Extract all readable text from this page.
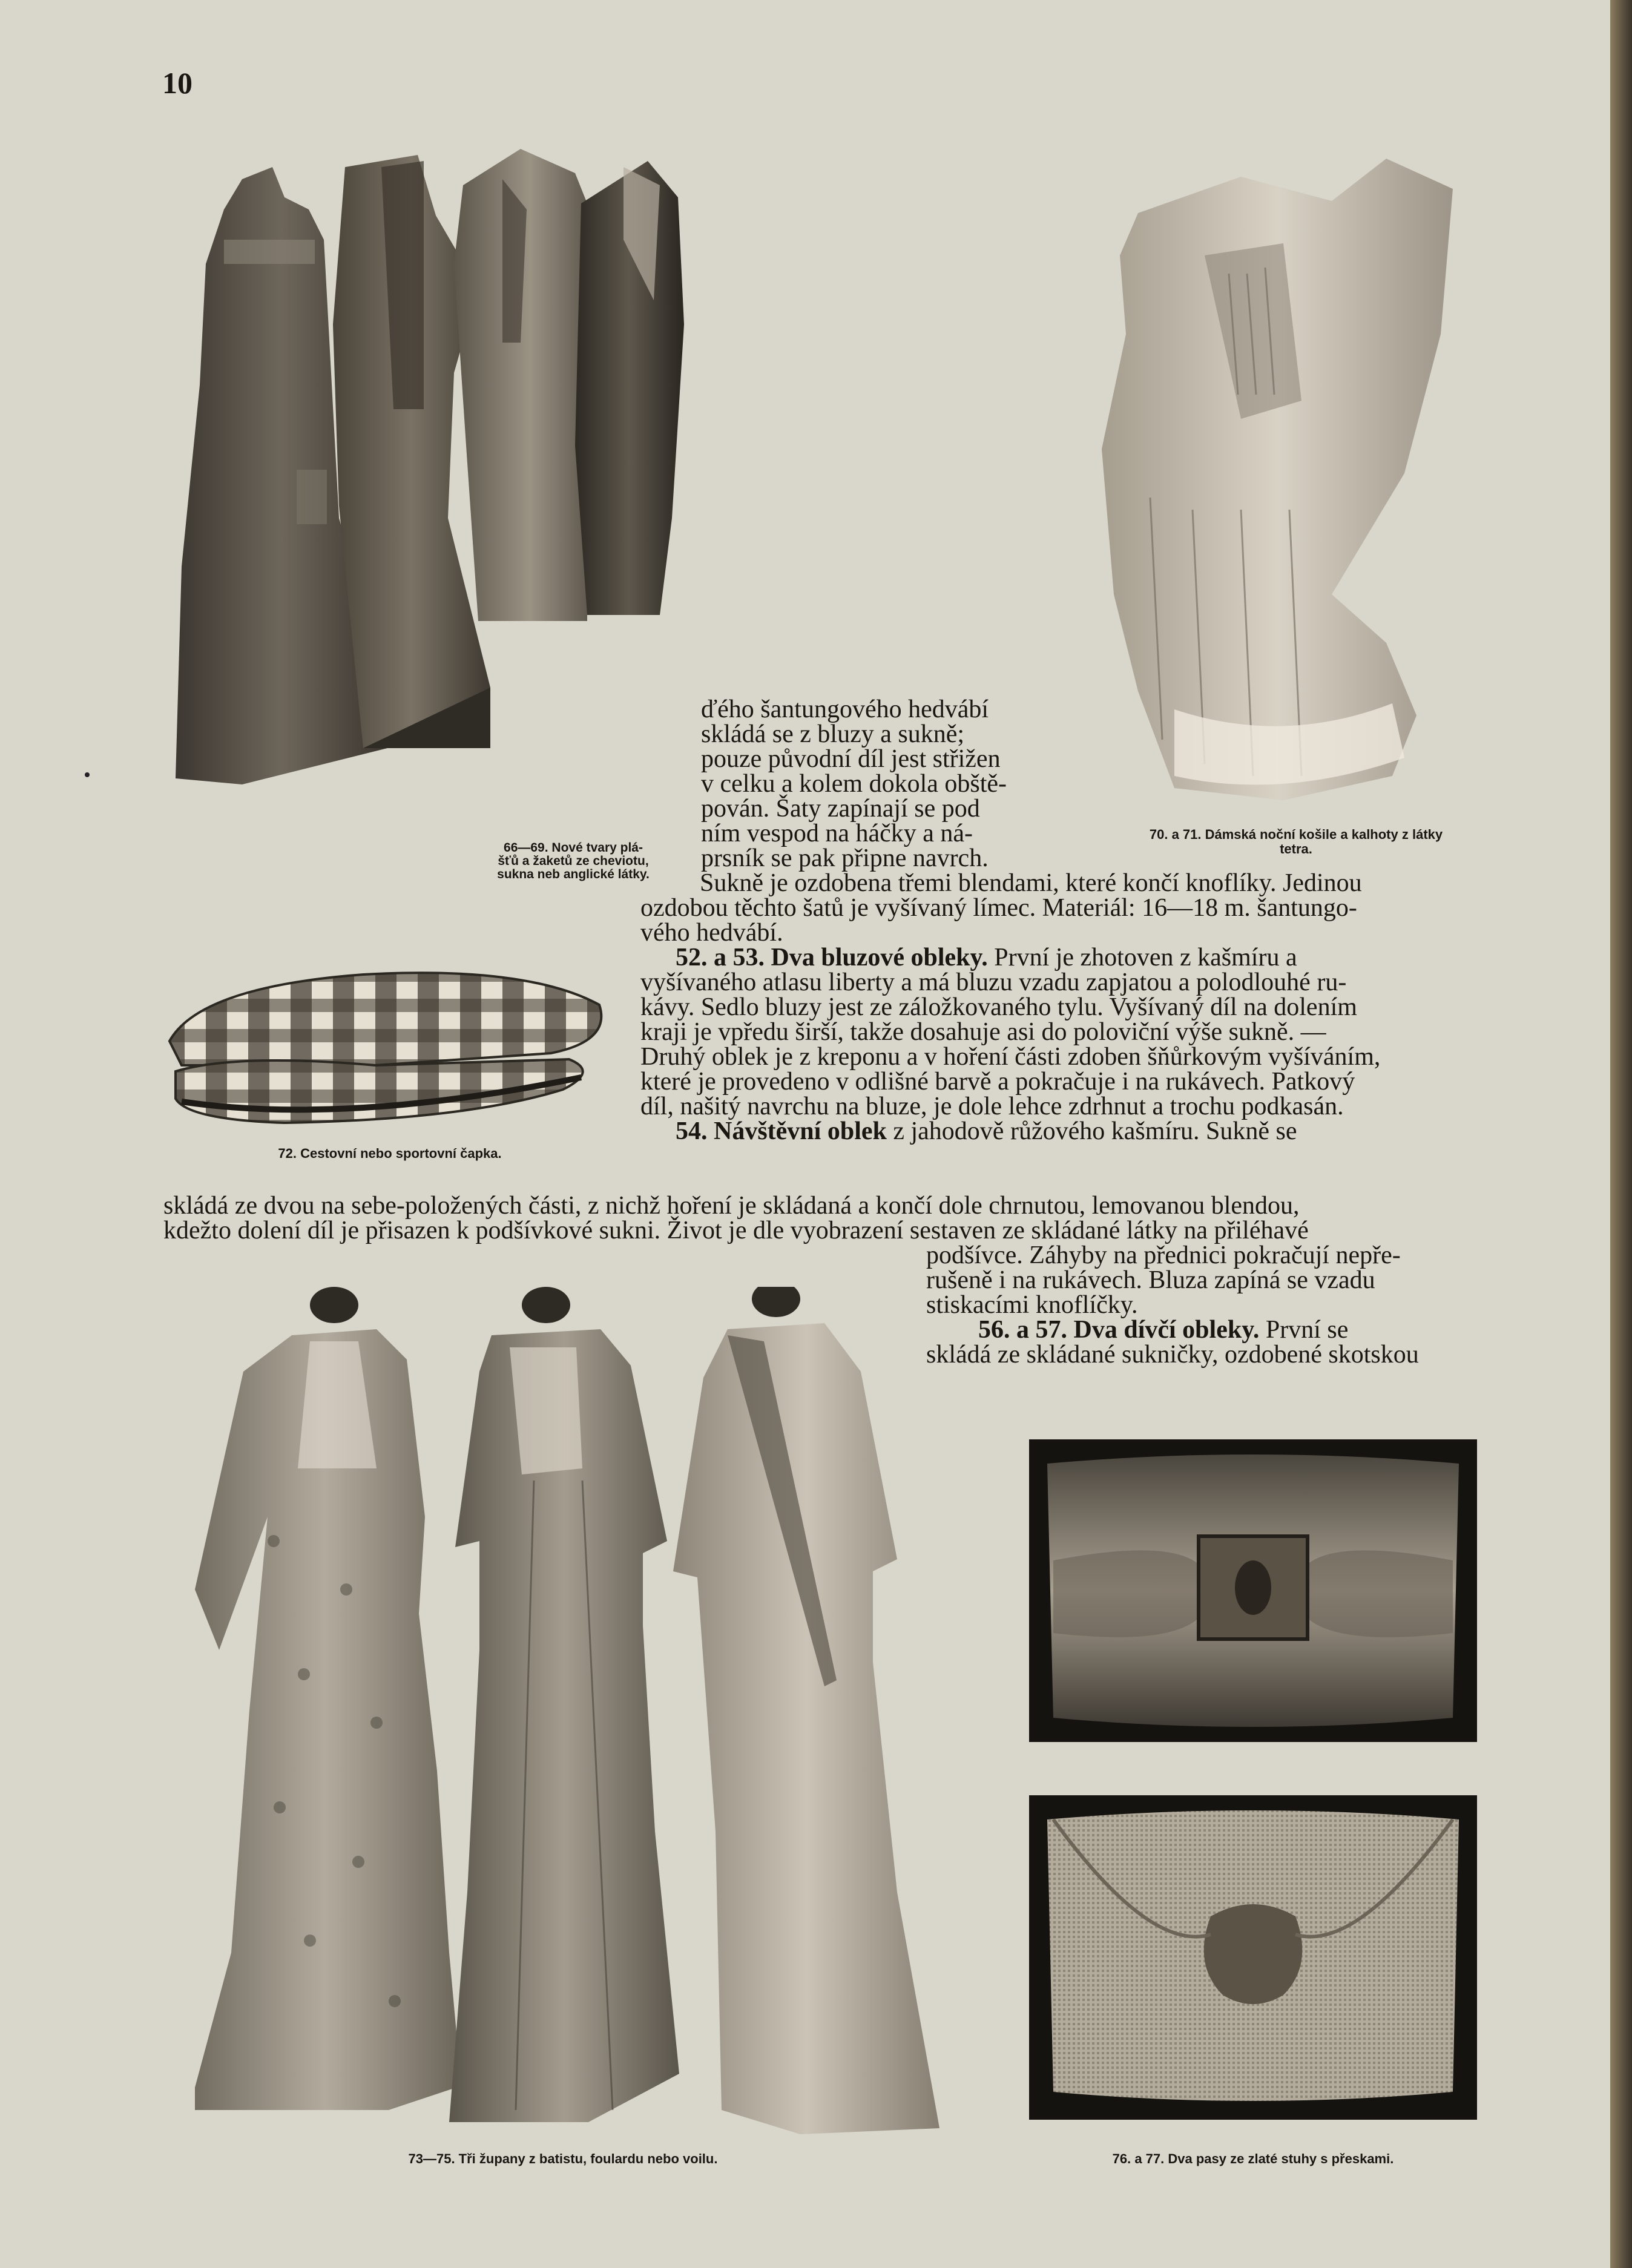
10
66—69. Nové tvary plá-
šťů a žaketů ze cheviotu,
sukna neb anglické látky.
70. a 71. Dámská noční košile a kalhoty z látky
tetra.
72. Cestovní nebo sportovní čapka.

ďého šantungového hedvábí

skládá se z bluzy a sukně;

pouze původní díl jest střižen

v celku a kolem dokola obště-

pován. Šaty zapínají se pod

ním vespod na háčky a ná-

prsník se pak připne navrch.

Sukně je ozdobena třemi blendami, které končí knoflíky. Jedinou

ozdobou těchto šatů je vyšívaný límec. Materiál: 16—18 m. šantungo-

vého hedvábí.

52. a 53. Dva bluzové obleky. První je zhotoven z kašmíru a

vyšívaného atlasu liberty a má bluzu vzadu zapjatou a polodlouhé ru-

kávy. Sedlo bluzy jest ze záložkovaného tylu. Vyšívaný díl na dolením

kraji je vpředu širší, takže dosahuje asi do poloviční výše sukně. —

Druhý oblek je z kreponu a v hoření části zdoben šňůrkovým vyšíváním,

které je provedeno v odlišné barvě a pokračuje i na rukávech. Patkový

díl, našitý navrchu na bluze, je dole lehce zdrhnut a trochu podkasán.

54. Návštěvní oblek z jahodově růžového kašmíru. Sukně se

skládá ze dvou na sebe-položených části, z nichž hoření je skládaná a končí dole chrnutou, lemovanou blendou,

kdežto dolení díl je přisazen k podšívkové sukni. Život je dle vyobrazení sestaven ze skládané látky na přiléhavé

podšívce. Záhyby na přednici pokračují nepře-

rušeně i na rukávech. Bluza zapíná se vzadu

stiskacími knoflíčky.

56. a 57. Dva dívčí obleky. První se

skládá ze skládané sukničky, ozdobené skotskou

73—75. Tři župany z batistu, foulardu nebo voilu.	76. a 77. Dva pasy ze zlaté stuhy s přeskami.
